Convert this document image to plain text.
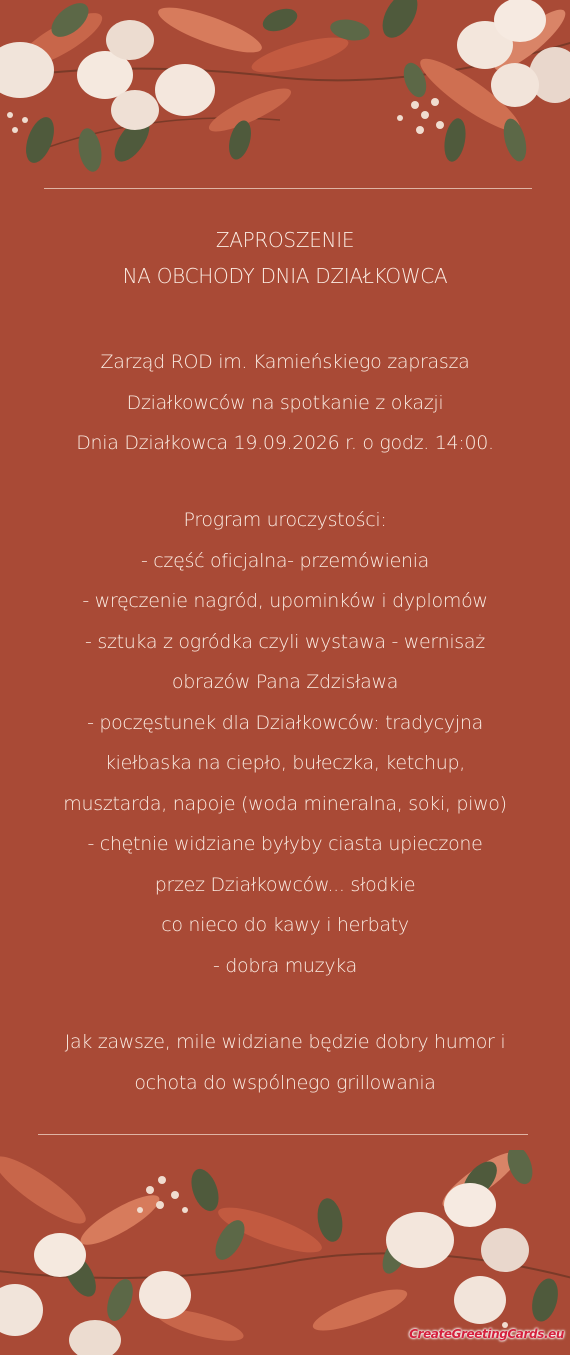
ZAPROSZENIE
NA OBCHODY DNIA DZIAŁKOWCA
Zarząd ROD im. Kamieńskiego zaprasza
Działkowców na spotkanie z okazji
Dnia Działkowca 19.09.2026 r. o godz. 14:00.
Program uroczystości:
- część oficjalna- przemówienia
- wręczenie nagród, upominków i dyplomów
- sztuka z ogródka czyli wystawa - wernisaż
obrazów Pana Zdzisława
- poczęstunek dla Działkowców: tradycyjna
kiełbaska na ciepło, bułeczka, ketchup,
musztarda, napoje (woda mineralna, soki, piwo)
- chętnie widziane byłyby ciasta upieczone
przez Działkowców... słodkie
co nieco do kawy i herbaty
- dobra muzyka
Jak zawsze, mile widziane będzie dobry humor i
ochota do wspólnego grillowania
CreateGreetingCards.eu
